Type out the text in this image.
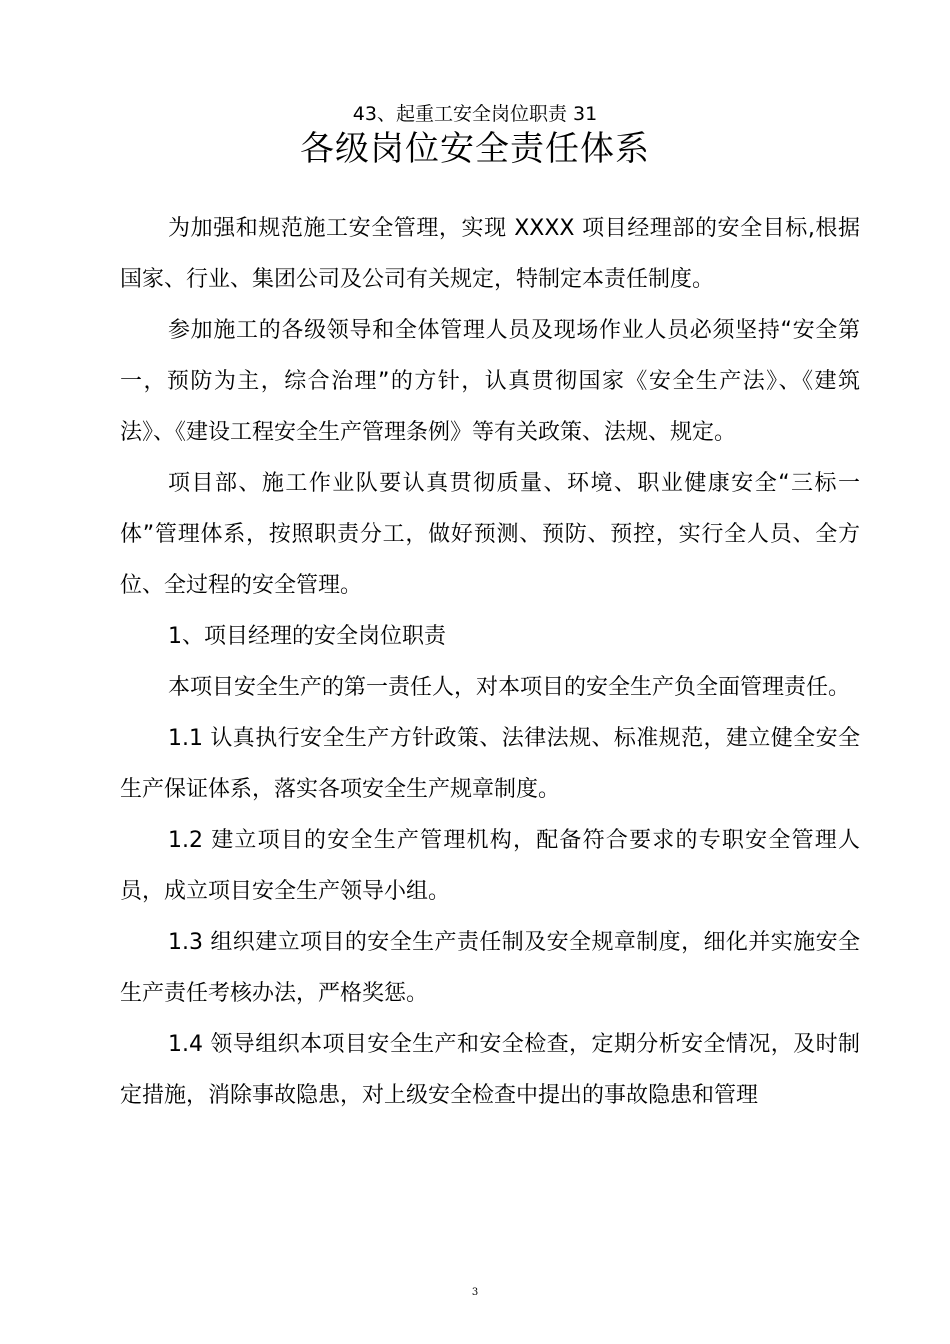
43、起重工安全岗位职责 31
各级岗位安全责任体系

为加强和规范施工安全管理，实现 XXXX 项目经理部的安全目标,根据国家、行业、集团公司及公司有关规定，特制定本责任制度。

参加施工的各级领导和全体管理人员及现场作业人员必须坚持“安全第一，预防为主，综合治理”的方针，认真贯彻国家《安全生产法》、《建筑法》、《建设工程安全生产管理条例》等有关政策、法规、规定。

项目部、施工作业队要认真贯彻质量、环境、职业健康安全“三标一体”管理体系，按照职责分工，做好预测、预防、预控，实行全人员、全方位、全过程的安全管理。

1、项目经理的安全岗位职责

本项目安全生产的第一责任人，对本项目的安全生产负全面管理责任。

1.1 认真执行安全生产方针政策、法律法规、标准规范，建立健全安全生产保证体系，落实各项安全生产规章制度。

1.2 建立项目的安全生产管理机构，配备符合要求的专职安全管理人员，成立项目安全生产领导小组。

1.3 组织建立项目的安全生产责任制及安全规章制度，细化并实施安全生产责任考核办法，严格奖惩。

1.4 领导组织本项目安全生产和安全检查，定期分析安全情况，及时制定措施，消除事故隐患，对上级安全检查中提出的事故隐患和管理

3
